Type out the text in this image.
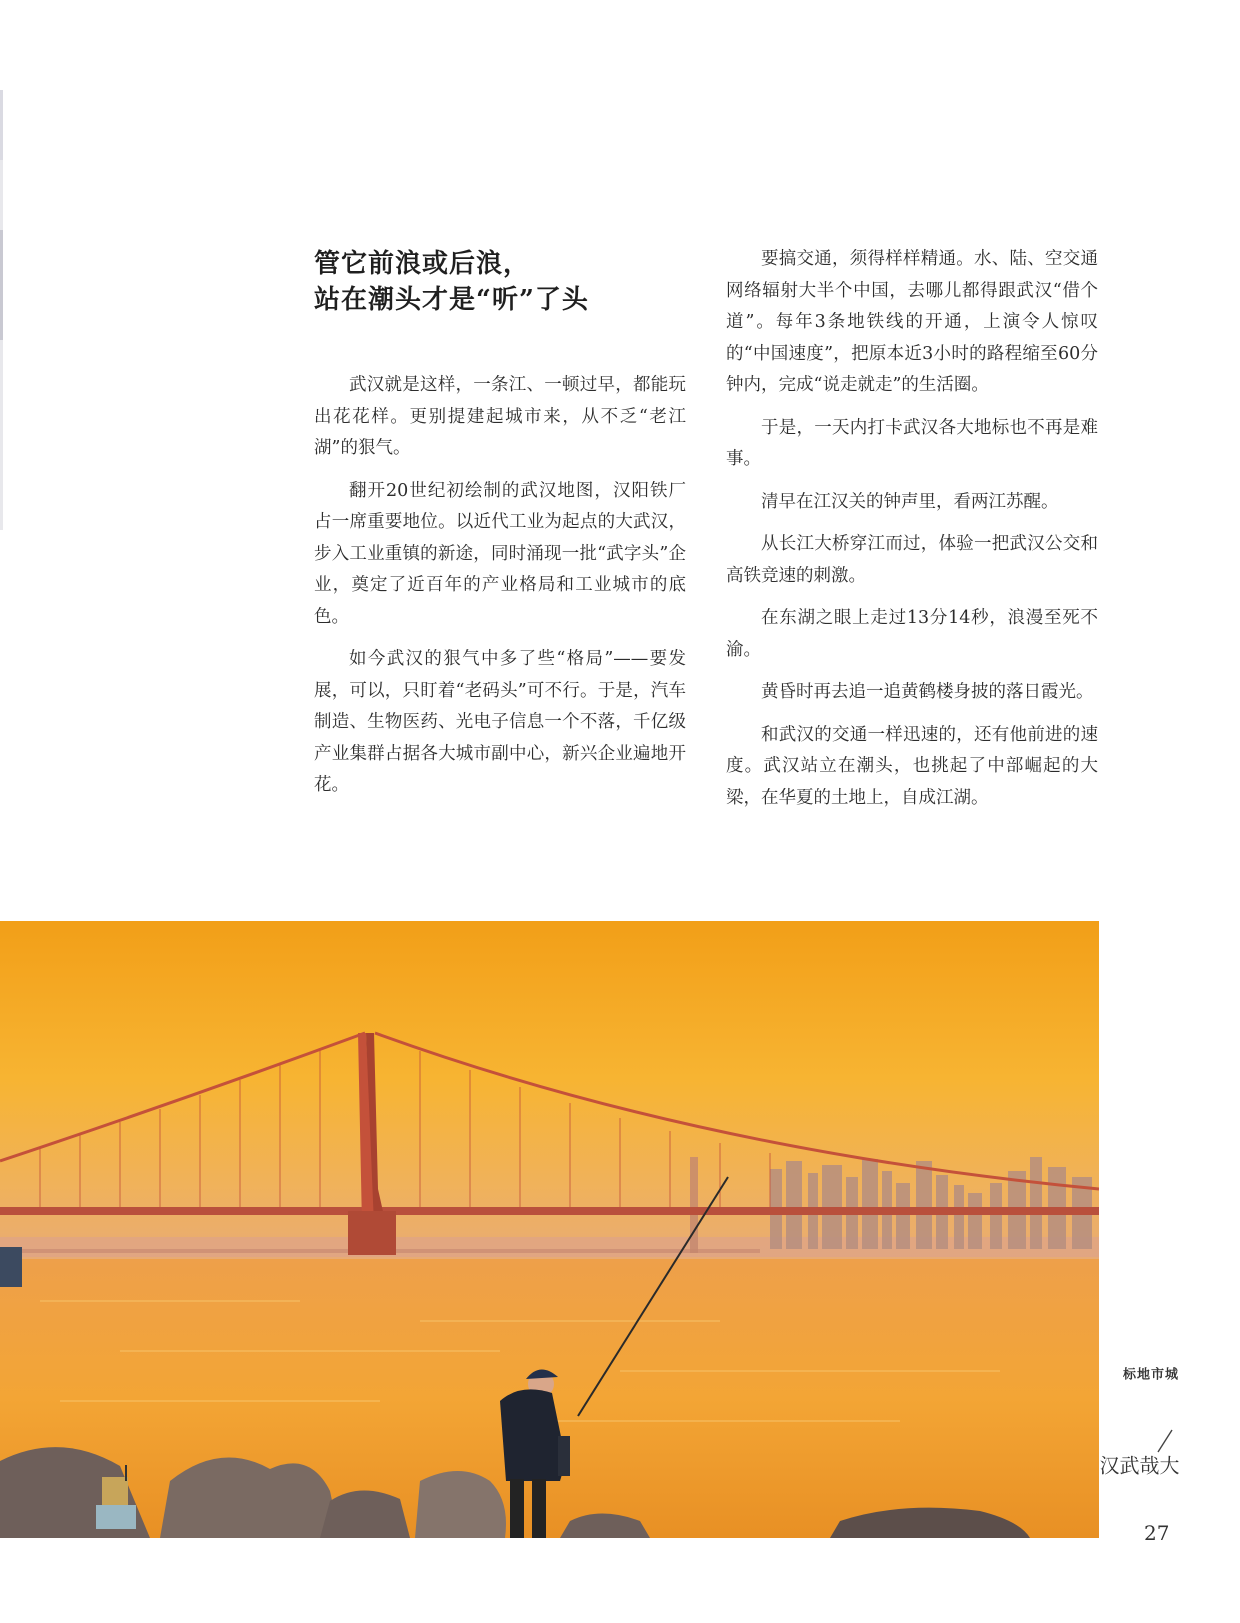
管它前浪或后浪，
站在潮头才是“听”了头

武汉就是这样，一条江、一顿过早，都能玩出花花样。更别提建起城市来，从不乏“老江湖”的狠气。

翻开20世纪初绘制的武汉地图，汉阳铁厂占一席重要地位。以近代工业为起点的大武汉，步入工业重镇的新途，同时涌现一批“武字头”企业，奠定了近百年的产业格局和工业城市的底色。

如今武汉的狠气中多了些“格局”——要发展，可以，只盯着“老码头”可不行。于是，汽车制造、生物医药、光电子信息一个不落，千亿级产业集群占据各大城市副中心，新兴企业遍地开花。

要搞交通，须得样样精通。水、陆、空交通网络辐射大半个中国，去哪儿都得跟武汉“借个道”。每年3条地铁线的开通，上演令人惊叹的“中国速度”，把原本近3小时的路程缩至60分钟内，完成“说走就走”的生活圈。

于是，一天内打卡武汉各大地标也不再是难事。

清早在江汉关的钟声里，看两江苏醒。

从长江大桥穿江而过，体验一把武汉公交和高铁竞速的刺激。

在东湖之眼上走过13分14秒，浪漫至死不渝。

黄昏时再去追一追黄鹤楼身披的落日霞光。

和武汉的交通一样迅速的，还有他前进的速度。武汉站立在潮头，也挑起了中部崛起的大梁，在华夏的土地上，自成江湖。

城市地标
大哉武汉
27
